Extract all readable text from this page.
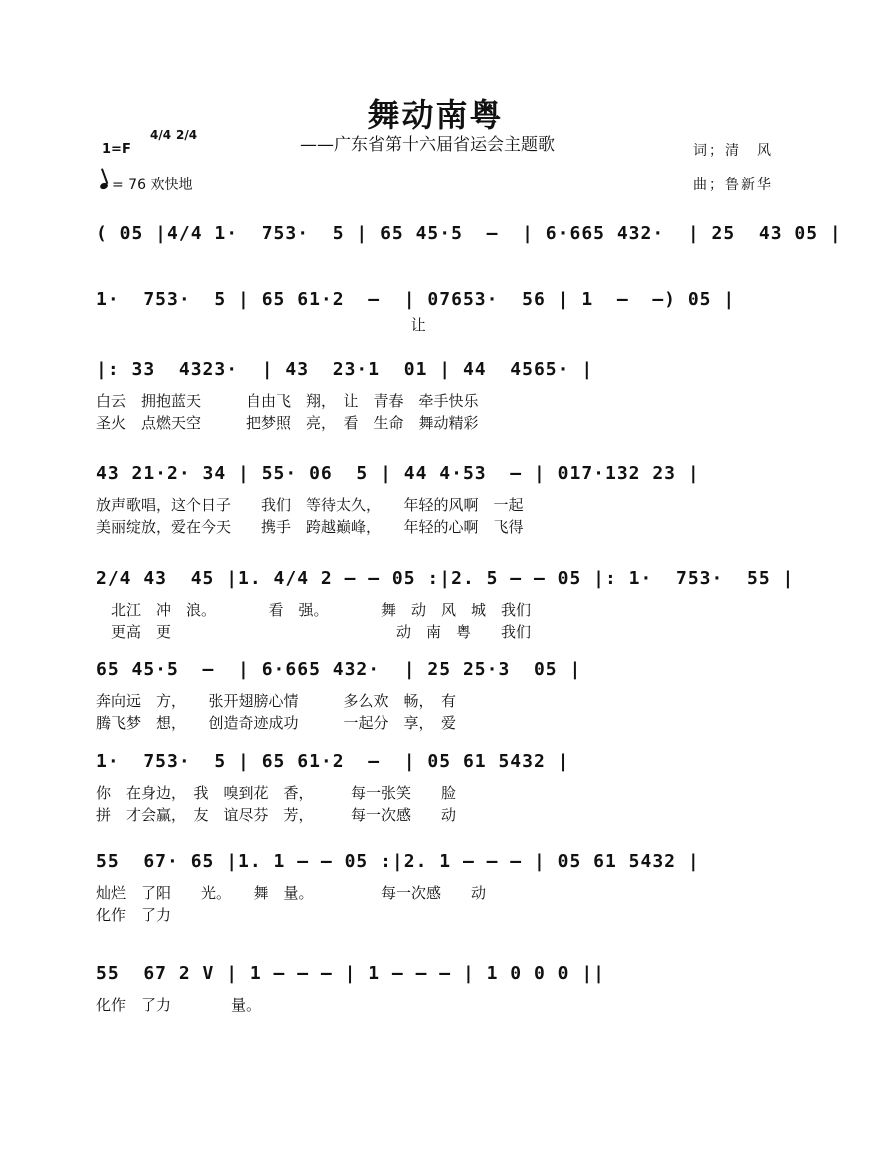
舞动南粤
——广东省第十六届省运会主题歌
1=F
4/4 2/4
= 76 欢快地
词；清　风
曲；鲁新华
( 05 |4/4 1·  753·  5 | 65 45·5  –  | 6·665 432·  | 25  43 05 |
1·  753·  5 | 65 61·2  –  | 07653·  56 | 1  –  –) 05 |
让
|: 33  4323·  | 43  23·1  01 | 44  4565· |
白云　拥抱蓝天　　　自由飞　翔，　让　青春　牵手快乐
圣火　点燃天空　　　把梦照　亮，　看　生命　舞动精彩
43 21·2· 34 | 55· 06  5 | 44 4·53  – | 017·132 23 |
放声歌唱，这个日子　　我们　等待太久，　　年轻的风啊　一起
美丽绽放，爱在今天　　携手　跨越巅峰，　　年轻的心啊　飞得
2/4 43  45 |1. 4/4 2 – – 05 :|2. 5 – – 05 |: 1·  753·  55 |
　北江　冲　浪。　　　　看　强。　　　　舞　动　风　城　我们
　更高　更　　　　　　　　　　　　　　　动　南　粤　　我们
65 45·5  –  | 6·665 432·  | 25 25·3  05 |
奔向远　方，　　张开翅膀心情　　　多么欢　畅，　有
腾飞梦　想，　　创造奇迹成功　　　一起分　享，　爱
1·  753·  5 | 65 61·2  –  | 05 61 5432 |
你　在身边，　我　嗅到花　香，　　　每一张笑　　脸
拼　才会赢，　友　谊尽芬　芳，　　　每一次感　　动
55  67· 65 |1. 1 – – 05 :|2. 1 – – – | 05 61 5432 |
灿烂　了阳　　光。　　舞　量。　　　　　每一次感　　动
化作　了力
55  67 2 V | 1 – – – | 1 – – – | 1 0 0 0 ||
化作　了力　　　　量。
